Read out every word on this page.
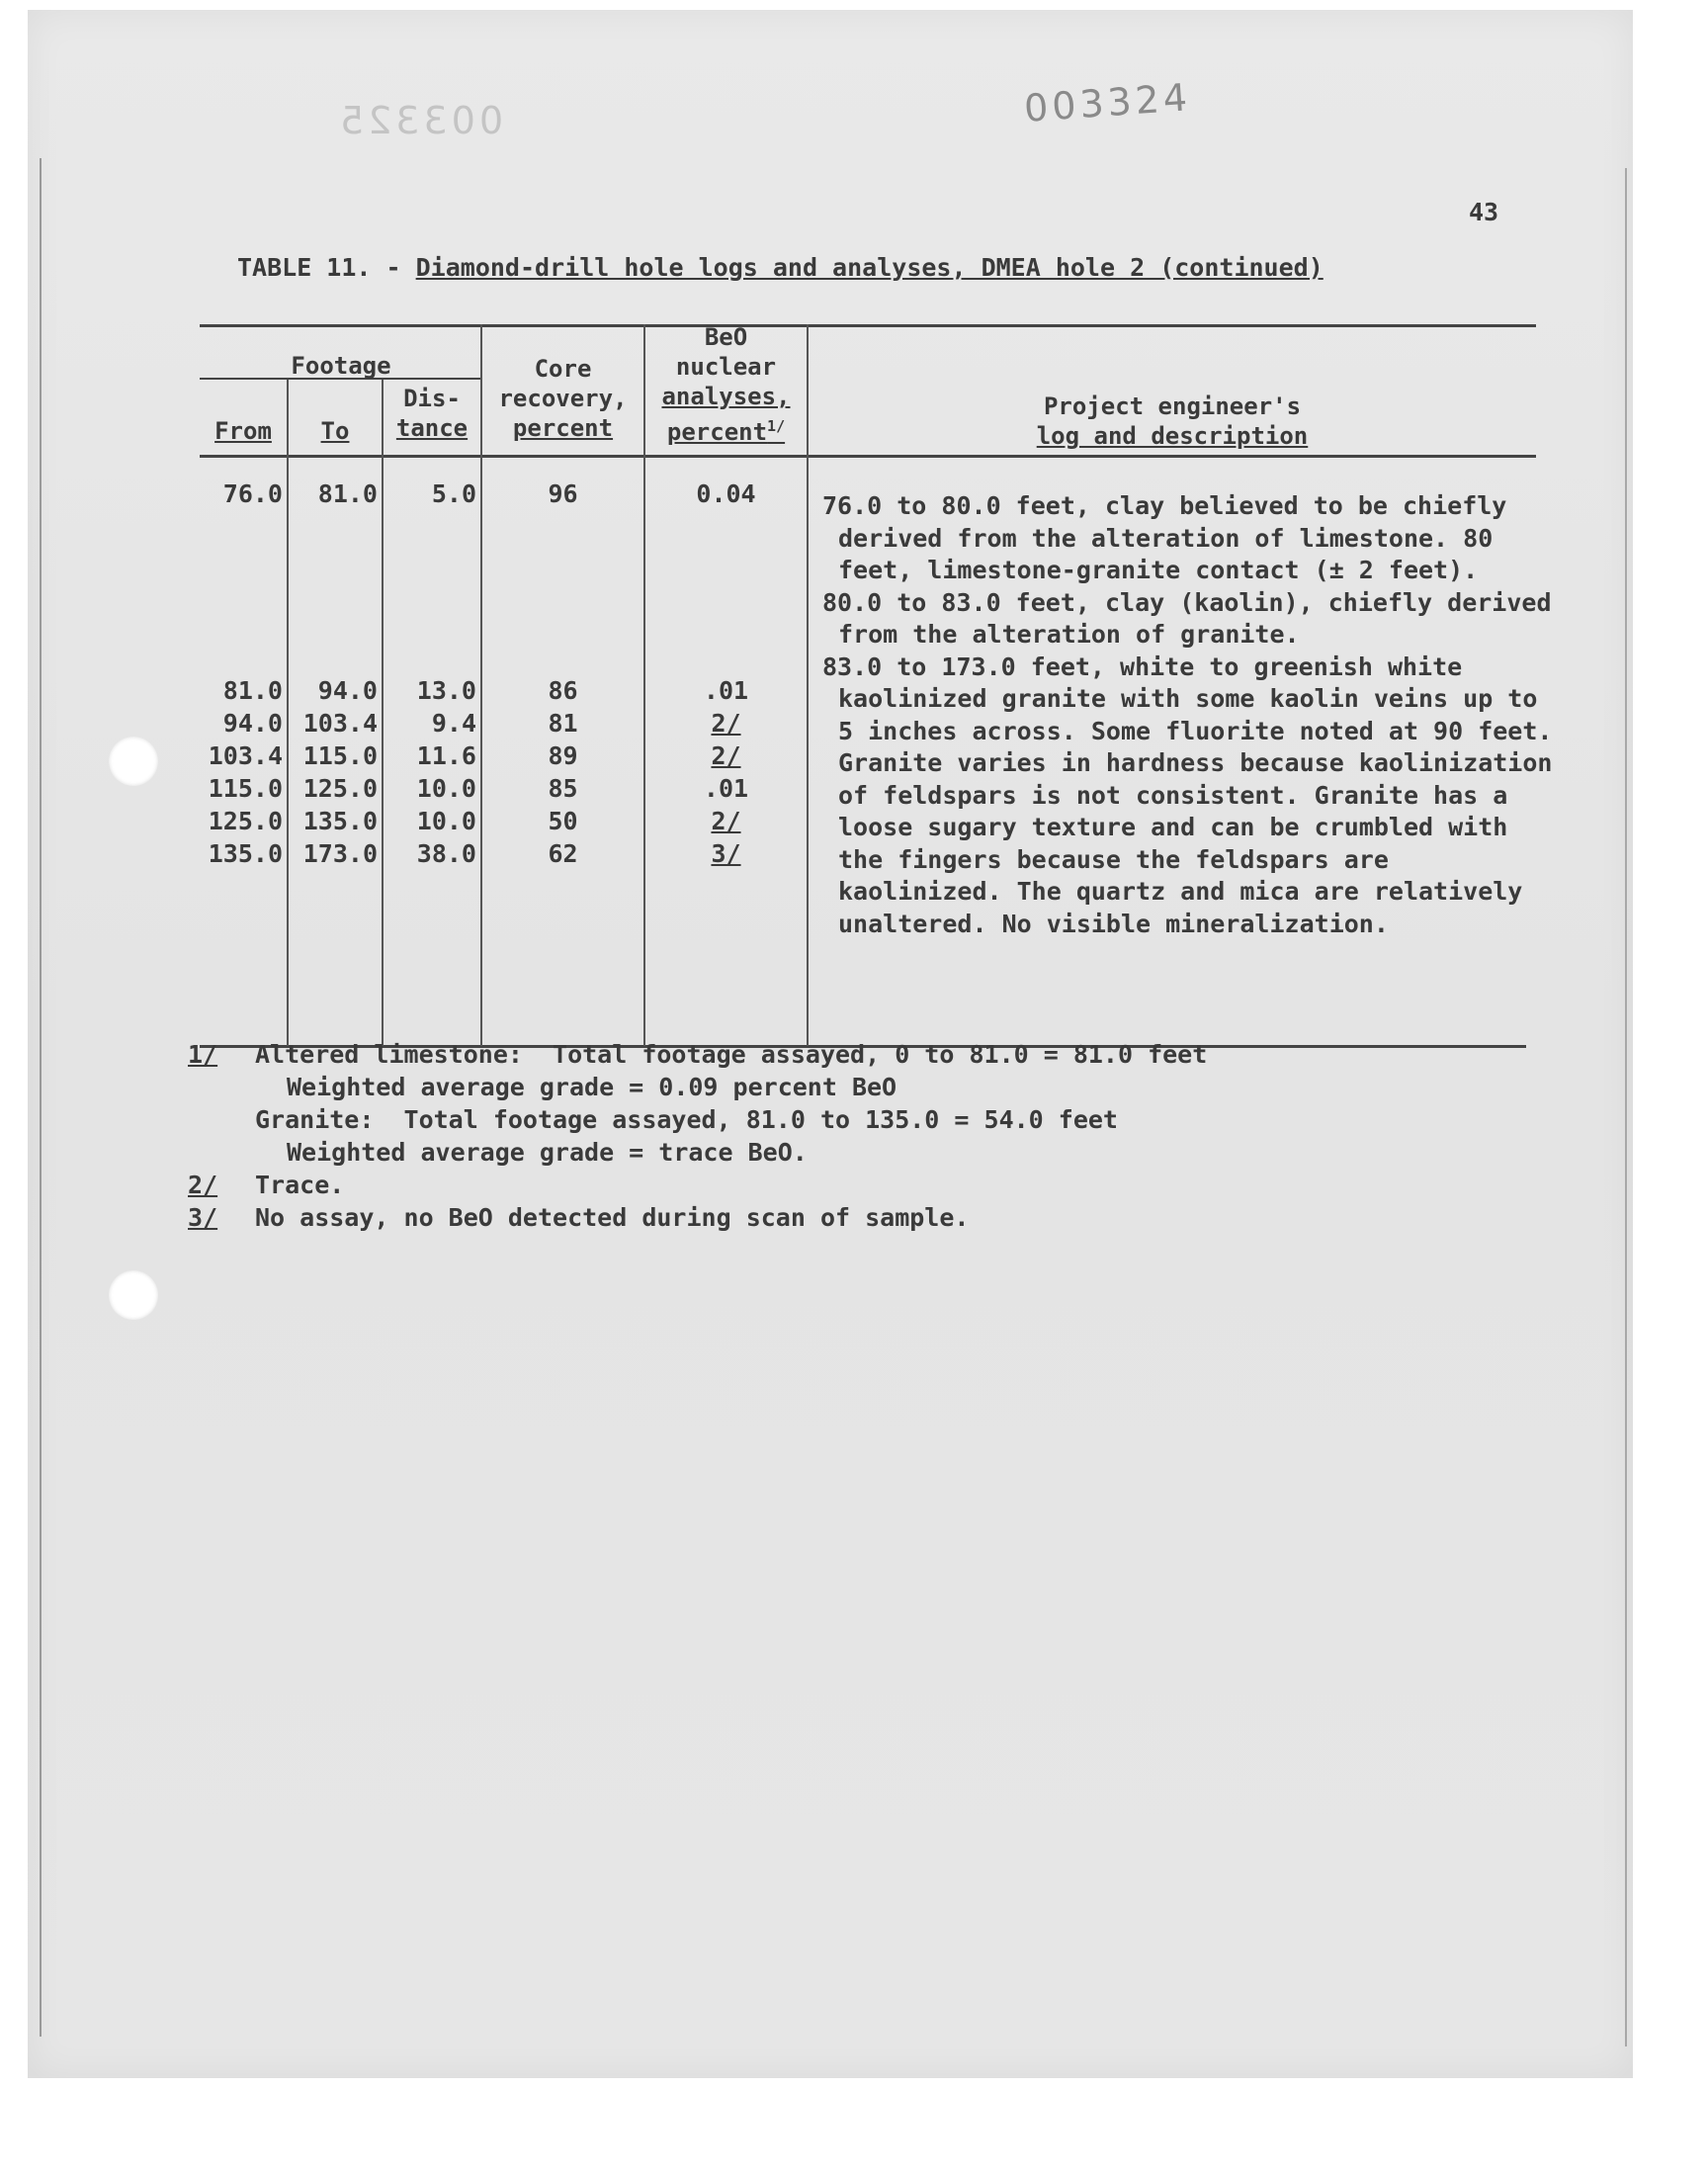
003325	003324
43
TABLE 11. - Diamond-drill hole logs and analyses, DMEA hole 2 (continued)
Footage
From	To
Dis-
tance
Core
recovery,
percent
BeO
nuclear
analyses,
percent$^{1/}$
Project engineer's
log and description
76.0	81.0	5.0	96	0.04
81.0	94.0	13.0	86	.01
94.0 103.4	9.4	81	2/
103.4 115.0	11.6	89	2/
115.0 125.0	10.0	85	.01
125.0 135.0	10.0	50	2/
135.0 173.0	38.0	62	3/

76.0 to 80.0 feet, clay believed to be chiefly derived from the alteration of limestone. 80 feet, limestone-granite contact (± 2 feet).

80.0 to 83.0 feet, clay (kaolin), chiefly derived from the alteration of granite.

83.0 to 173.0 feet, white to greenish white kaolinized granite with some kaolin veins up to 5 inches across. Some fluorite noted at 90 feet. Granite varies in hardness because kaolinization of feldspars is not consistent. Granite has a loose sugary texture and can be crumbled with the fingers because the feldspars are kaolinized. The quartz and mica are relatively unaltered. No visible mineralization.

1/	Altered limestone:  Total footage assayed, 0 to 81.0 = 81.0 feet
Weighted average grade = 0.09 percent BeO
Granite:  Total footage assayed, 81.0 to 135.0 = 54.0 feet
Weighted average grade = trace BeO.
2/	Trace.
3/	No assay, no BeO detected during scan of sample.
